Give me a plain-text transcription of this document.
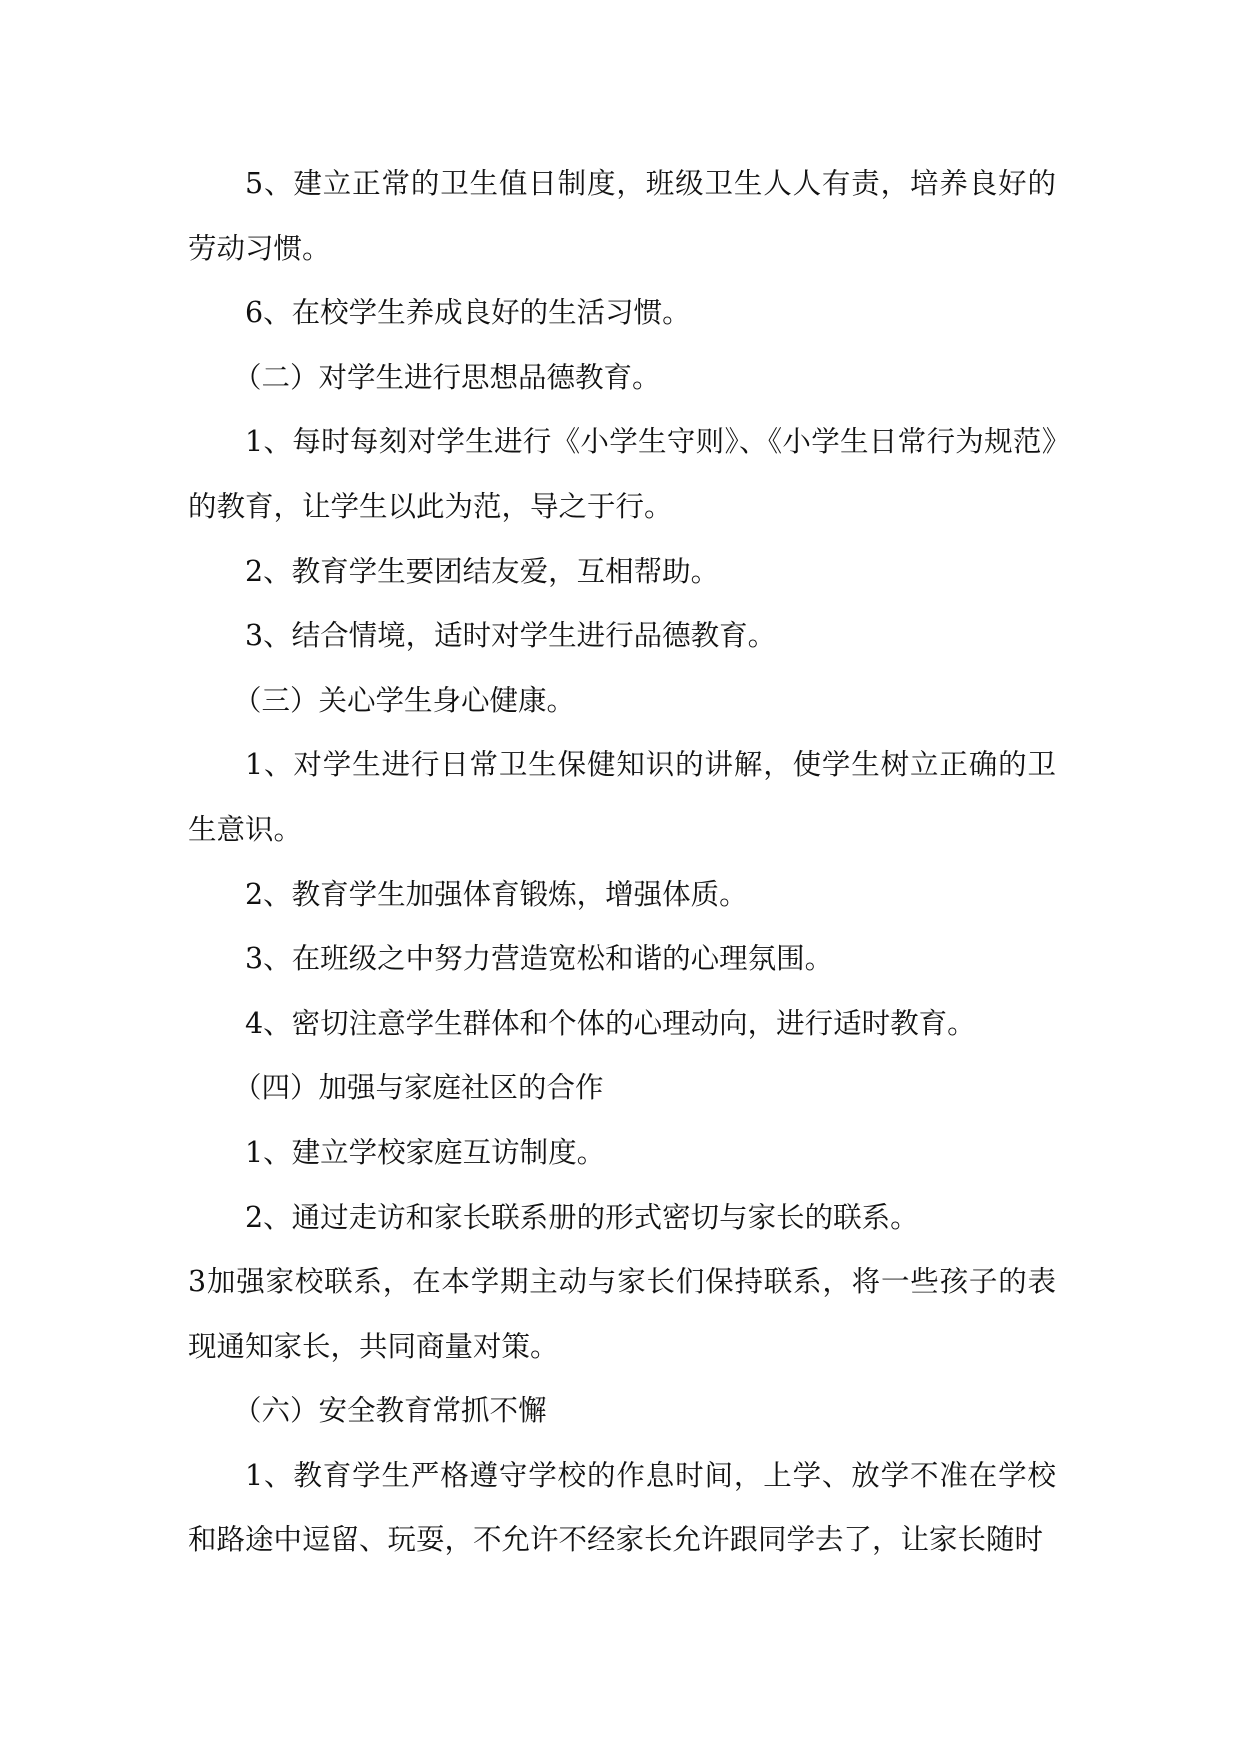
5、建立正常的卫生值日制度，班级卫生人人有责，培养良好的劳动习惯。

6、在校学生养成良好的生活习惯。

（二）对学生进行思想品德教育。

1、每时每刻对学生进行《小学生守则》、《小学生日常行为规范》的教育，让学生以此为范，导之于行。

2、教育学生要团结友爱，互相帮助。

3、结合情境，适时对学生进行品德教育。

（三）关心学生身心健康。

1、对学生进行日常卫生保健知识的讲解，使学生树立正确的卫生意识。

2、教育学生加强体育锻炼，增强体质。

3、在班级之中努力营造宽松和谐的心理氛围。

4、密切注意学生群体和个体的心理动向，进行适时教育。

（四）加强与家庭社区的合作

1、建立学校家庭互访制度。

2、通过走访和家长联系册的形式密切与家长的联系。

3加强家校联系，在本学期主动与家长们保持联系，将一些孩子的表现通知家长，共同商量对策。

（六）安全教育常抓不懈

1、教育学生严格遵守学校的作息时间，上学、放学不准在学校和路途中逗留、玩耍，不允许不经家长允许跟同学去了，让家长随时
